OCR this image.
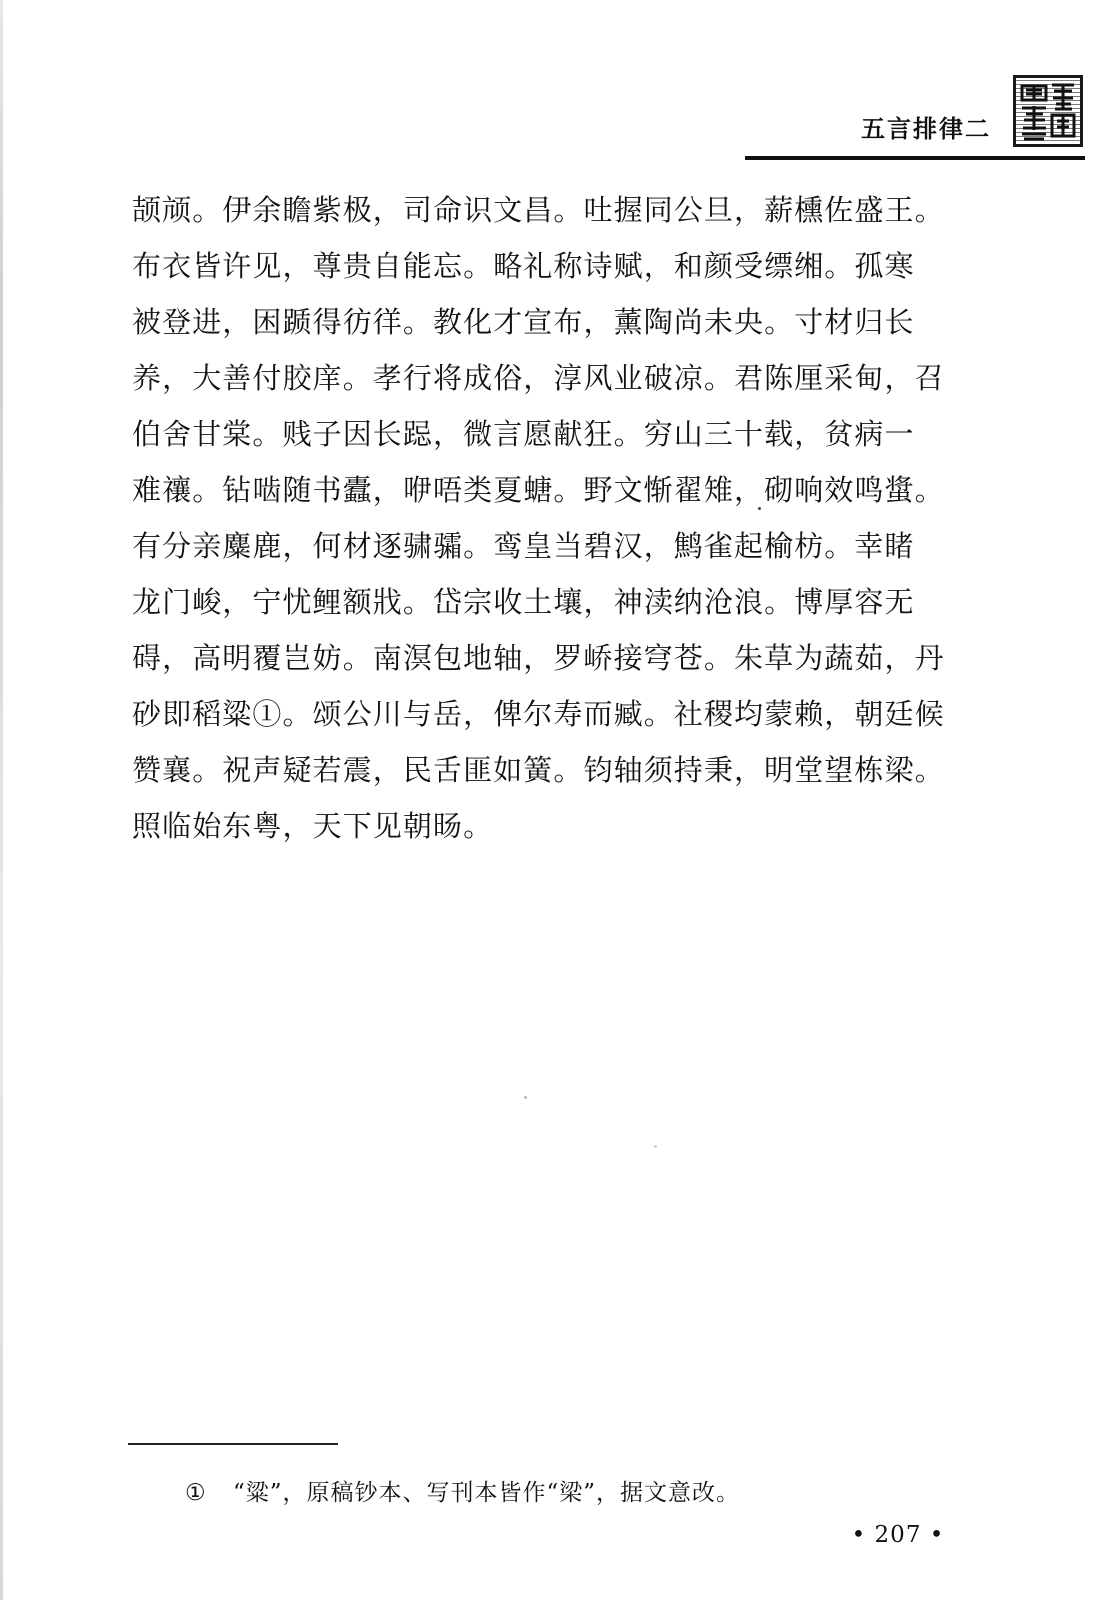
五言排律二
颉颃。伊余瞻紫极，司命识文昌。吐握同公旦，薪櫄佐盛王。
布衣皆许见，尊贵自能忘。略礼称诗赋，和颜受缥缃。孤寒
被登进，困踬得彷徉。教化才宣布，薰陶尚未央。寸材归长
养，大善付胶庠。孝行将成俗，淳风业破凉。君陈厘采甸，召
伯舍甘棠。贱子因长跽，微言愿献狂。穷山三十载，贫病一
难禳。钻啮随书蠹，咿唔类夏螗。野文惭翟雉，砌响效鸣螀。
有分亲麋鹿，何材逐骕骦。鸾皇当碧汉，鹪雀起榆枋。幸睹
龙门峻，宁忧鲤额戕。岱宗收土壤，神渎纳沧浪。博厚容无
碍，高明覆岂妨。南溟包地轴，罗峤接穹苍。朱草为蔬茹，丹
砂即稻粱①。颂公川与岳，俾尔寿而臧。社稷均蒙赖，朝廷候
赞襄。祝声疑若震，民舌匪如簧。钧轴须持秉，明堂望栋梁。
照临始东粤，天下见朝旸。
① “粱”，原稿钞本、写刊本皆作“梁”，据文意改。
• 207 •
